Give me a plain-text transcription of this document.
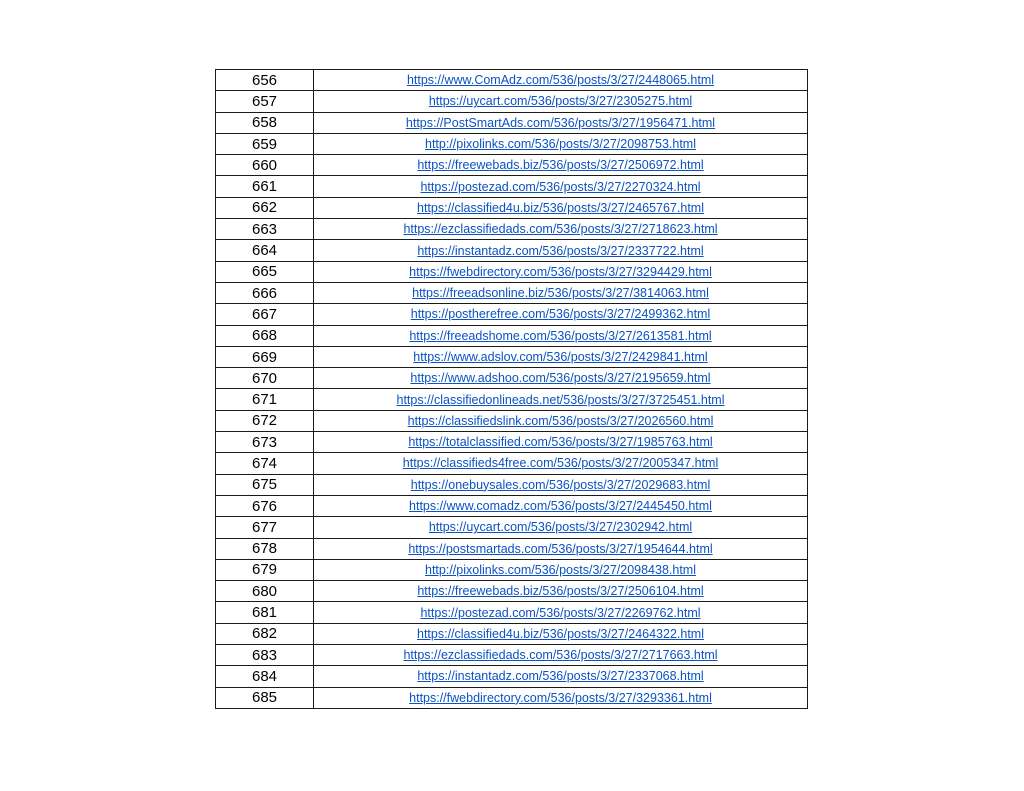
656	https://www.ComAdz.com/536/posts/3/27/2448065.html
657	https://uycart.com/536/posts/3/27/2305275.html
658	https://PostSmartAds.com/536/posts/3/27/1956471.html
659	http://pixolinks.com/536/posts/3/27/2098753.html
660	https://freewebads.biz/536/posts/3/27/2506972.html
661	https://postezad.com/536/posts/3/27/2270324.html
662	https://classified4u.biz/536/posts/3/27/2465767.html
663	https://ezclassifiedads.com/536/posts/3/27/2718623.html
664	https://instantadz.com/536/posts/3/27/2337722.html
665	https://fwebdirectory.com/536/posts/3/27/3294429.html
666	https://freeadsonline.biz/536/posts/3/27/3814063.html
667	https://postherefree.com/536/posts/3/27/2499362.html
668	https://freeadshome.com/536/posts/3/27/2613581.html
669	https://www.adslov.com/536/posts/3/27/2429841.html
670	https://www.adshoo.com/536/posts/3/27/2195659.html
671	https://classifiedonlineads.net/536/posts/3/27/3725451.html
672	https://classifiedslink.com/536/posts/3/27/2026560.html
673	https://totalclassified.com/536/posts/3/27/1985763.html
674	https://classifieds4free.com/536/posts/3/27/2005347.html
675	https://onebuysales.com/536/posts/3/27/2029683.html
676	https://www.comadz.com/536/posts/3/27/2445450.html
677	https://uycart.com/536/posts/3/27/2302942.html
678	https://postsmartads.com/536/posts/3/27/1954644.html
679	http://pixolinks.com/536/posts/3/27/2098438.html
680	https://freewebads.biz/536/posts/3/27/2506104.html
681	https://postezad.com/536/posts/3/27/2269762.html
682	https://classified4u.biz/536/posts/3/27/2464322.html
683	https://ezclassifiedads.com/536/posts/3/27/2717663.html
684	https://instantadz.com/536/posts/3/27/2337068.html
685	https://fwebdirectory.com/536/posts/3/27/3293361.html
